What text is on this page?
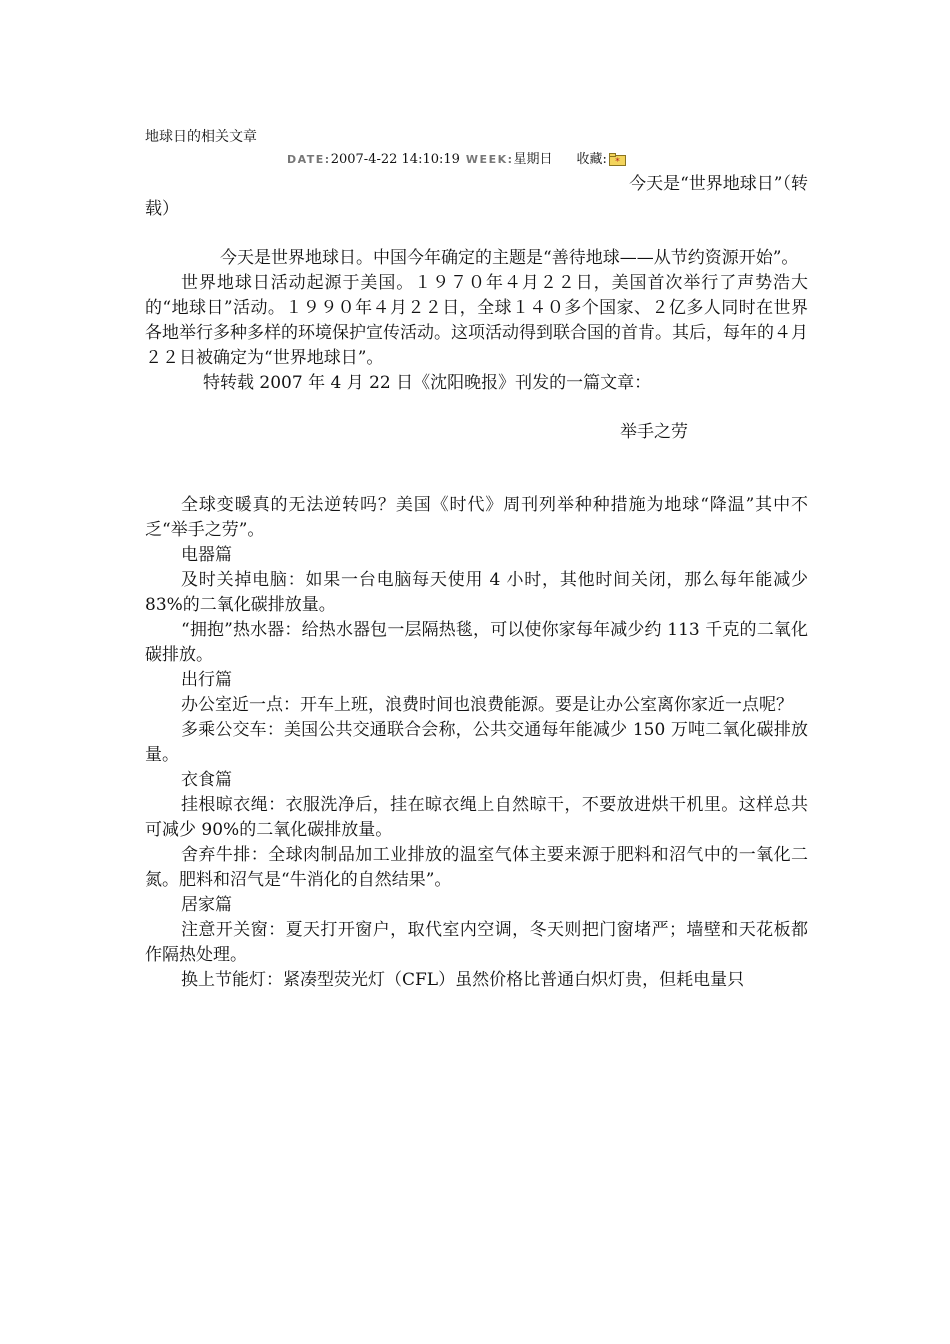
地球日的相关文章
DATE: 2007-4-22 14:10:19 WEEK: 星期日 收藏: *

今天是“世界地球日”（转

载）

今天是世界地球日。中国今年确定的主题是“善待地球——从节约资源开始”。

世界地球日活动起源于美国。１９７０年４月２２日，美国首次举行了声势浩大的“地球日”活动。１９９０年４月２２日，全球１４０多个国家、２亿多人同时在世界各地举行多种多样的环境保护宣传活动。这项活动得到联合国的首肯。其后，每年的４月２２日被确定为“世界地球日”。

特转载 2007 年 4 月 22 日《沈阳晚报》刊发的一篇文章：

举手之劳

全球变暖真的无法逆转吗？美国《时代》周刊列举种种措施为地球“降温”其中不乏“举手之劳”。

电器篇

及时关掉电脑：如果一台电脑每天使用 4 小时，其他时间关闭，那么每年能减少 83%的二氧化碳排放量。

“拥抱”热水器：给热水器包一层隔热毯，可以使你家每年减少约 113 千克的二氧化碳排放。

出行篇

办公室近一点：开车上班，浪费时间也浪费能源。要是让办公室离你家近一点呢？

多乘公交车：美国公共交通联合会称，公共交通每年能减少 150 万吨二氧化碳排放量。

衣食篇

挂根晾衣绳：衣服洗净后，挂在晾衣绳上自然晾干，不要放进烘干机里。这样总共可减少 90%的二氧化碳排放量。

舍弃牛排：全球肉制品加工业排放的温室气体主要来源于肥料和沼气中的一氧化二氮。肥料和沼气是“牛消化的自然结果”。

居家篇

注意开关窗：夏天打开窗户，取代室内空调，冬天则把门窗堵严；墙壁和天花板都作隔热处理。

换上节能灯：紧凑型荧光灯（CFL）虽然价格比普通白炽灯贵，但耗电量只
